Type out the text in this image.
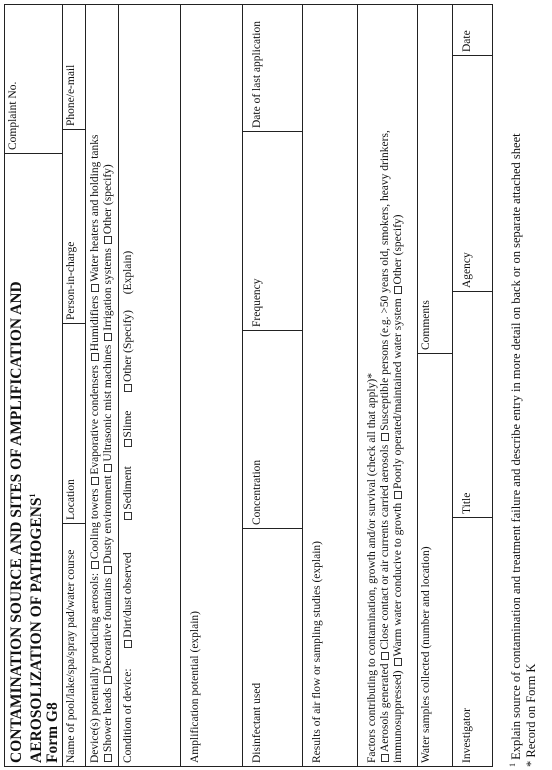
CONTAMINATION SOURCE AND SITES OF AMPLIFICATION AND AEROSOLIZATION OF PATHOGENS$^1$
Form G8
Complaint No.
Name of pool/lake/spa/spray pad/water course
Location
Person-in-charge
Phone/e-mail
Device(s) potentially producing aerosols: Cooling towers Evaporative condensers Humidifiers Water heaters and holding tanks
Shower heads Decorative fountains Dusty environment Ultrasonic mist machines Irrigation systems Other (specify)
Condition of device:  Dirt/dust observed  Sediment  Slime  Other (Specify)  (Explain)
Amplification potential (explain)	Disinfectant used
Concentration
Frequency
Date of last application
Results of air flow or sampling studies (explain)	Factors contributing to contamination, growth and/or survival (check all that apply)* Aerosols generated Close contact or air currents carried aerosols Susceptible persons (e.g. >50 years old, smokers, heavy drinkers,
immunosuppressed) Warm water conducive to growth Poorly operated/maintained water system Other (specify)
Water samples collected (number and location)
Comments
Investigator
Title
Agency
Date
$^1$ Explain source of contamination and treatment failure and describe entry in more detail on back or on separate attached sheet * Record on Form K
